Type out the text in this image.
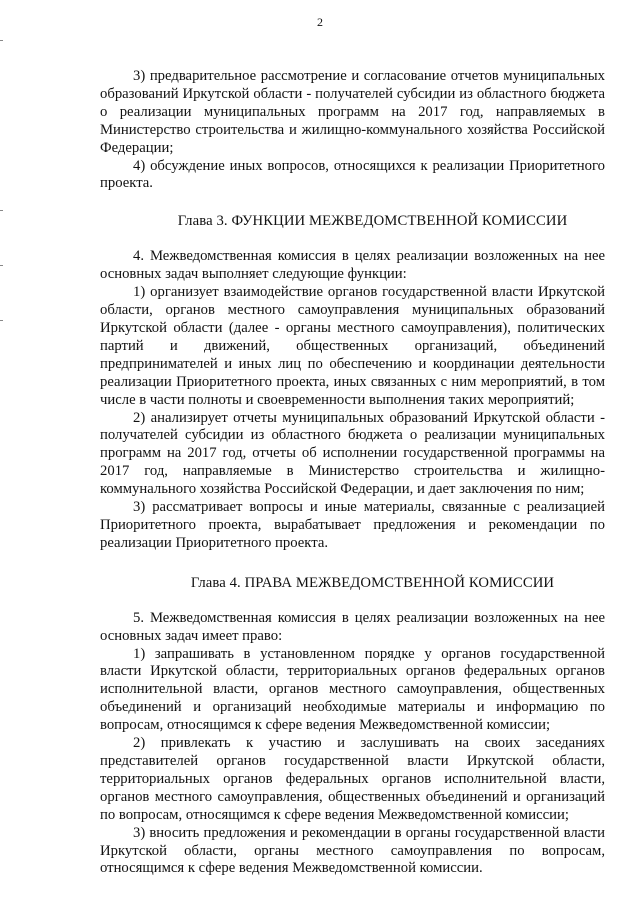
2

3) предварительное рассмотрение и согласование отчетов муниципальных образований Иркутской области - получателей субсидии из областного бюджета о реализации муниципальных программ на 2017 год, направляемых в Министерство строительства и жилищно-коммунального хозяйства Российской Федерации;

4) обсуждение иных вопросов, относящихся к реализации Приоритетного проекта.

Глава 3. ФУНКЦИИ МЕЖВЕДОМСТВЕННОЙ КОМИССИИ

4. Межведомственная комиссия в целях реализации возложенных на нее основных задач выполняет следующие функции:

1) организует взаимодействие органов государственной власти Иркутской области, органов местного самоуправления муниципальных образований Иркутской области (далее - органы местного самоуправления), политических партий и движений, общественных организаций, объединений предпринимателей и иных лиц по обеспечению и координации деятельности реализации Приоритетного проекта, иных связанных с ним мероприятий, в том числе в части полноты и своевременности выполнения таких мероприятий;

2) анализирует отчеты муниципальных образований Иркутской области - получателей субсидии из областного бюджета о реализации муниципальных программ на 2017 год, отчеты об исполнении государственной программы на 2017 год, направляемые в Министерство строительства и жилищно-коммунального хозяйства Российской Федерации, и дает заключения по ним;

3) рассматривает вопросы и иные материалы, связанные с реализацией Приоритетного проекта, вырабатывает предложения и рекомендации по реализации Приоритетного проекта.

Глава 4. ПРАВА МЕЖВЕДОМСТВЕННОЙ КОМИССИИ

5. Межведомственная комиссия в целях реализации возложенных на нее основных задач имеет право:

1) запрашивать в установленном порядке у органов государственной власти Иркутской области, территориальных органов федеральных органов исполнительной власти, органов местного самоуправления, общественных объединений и организаций необходимые материалы и информацию по вопросам, относящимся к сфере ведения Межведомственной комиссии;

2) привлекать к участию и заслушивать на своих заседаниях представителей органов государственной власти Иркутской области, территориальных органов федеральных органов исполнительной власти, органов местного самоуправления, общественных объединений и организаций по вопросам, относящимся к сфере ведения Межведомственной комиссии;

3) вносить предложения и рекомендации в органы государственной власти Иркутской области, органы местного самоуправления по вопросам, относящимся к сфере ведения Межведомственной комиссии.
